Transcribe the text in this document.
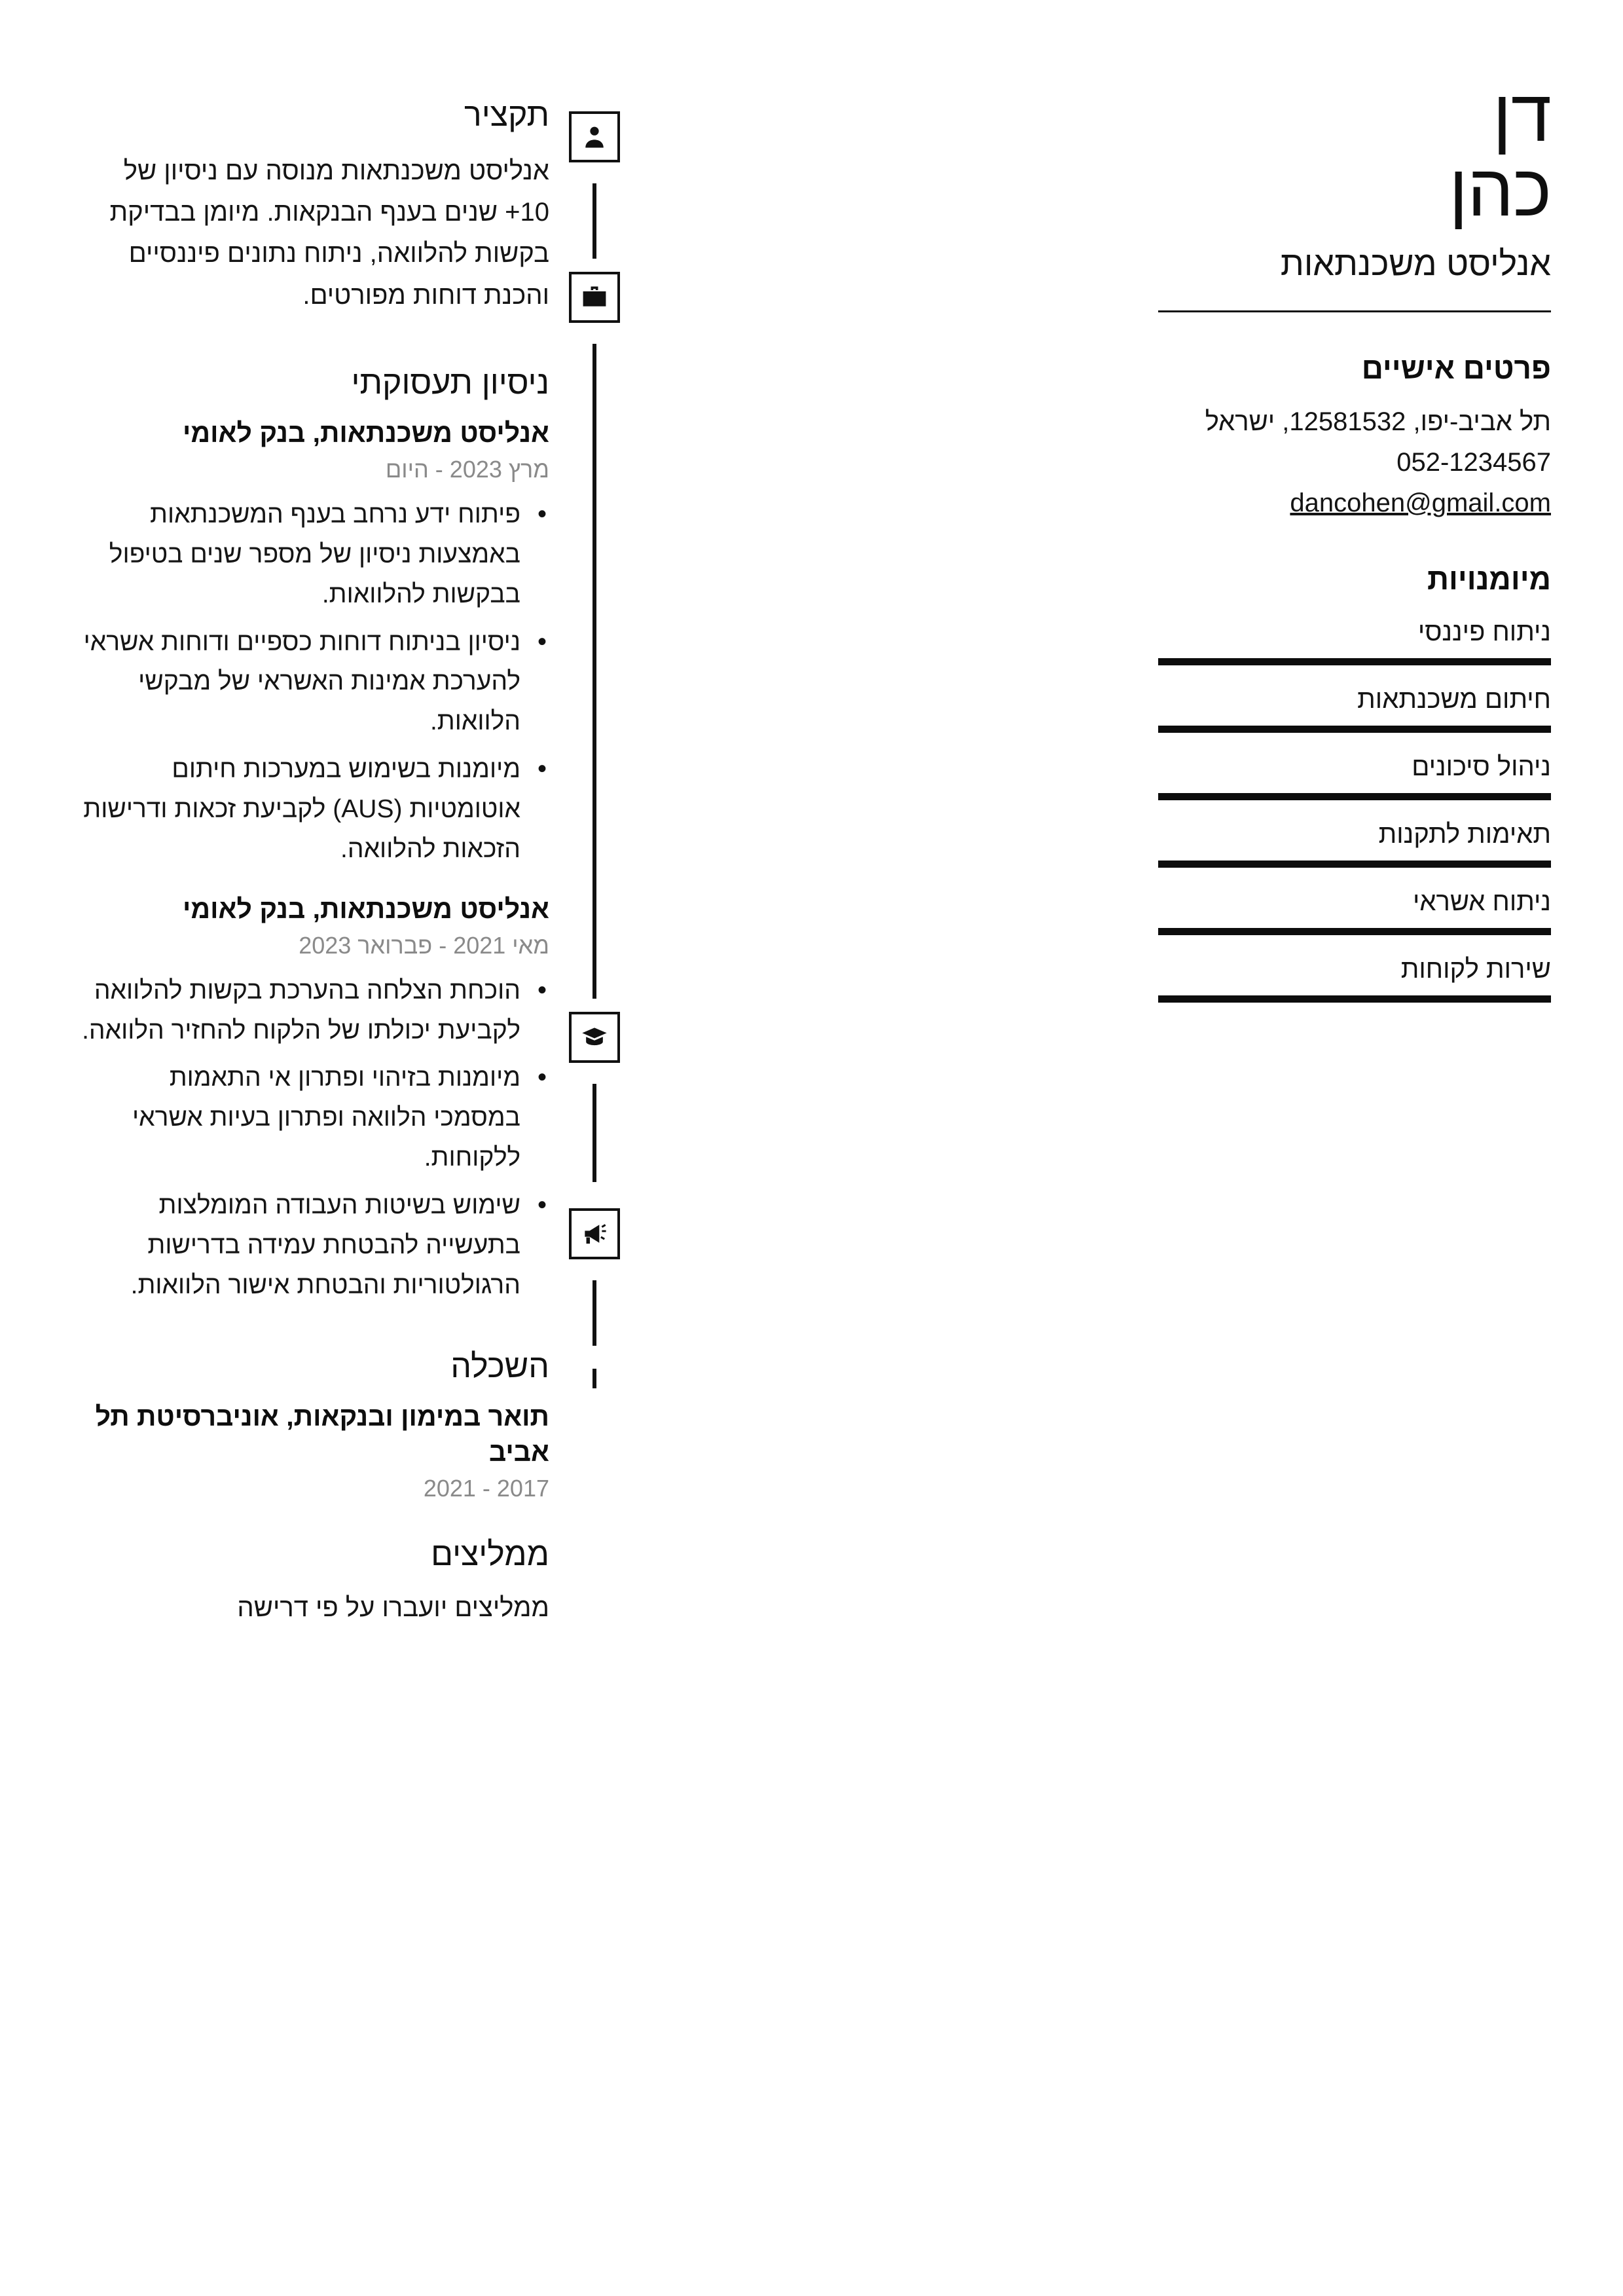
דן
כהן
אנליסט משכנתאות
פרטים אישיים
תל אביב-יפו, 12581532, ישראל
052-1234567
dancohen@gmail.com
מיומנויות
ניתוח פיננסי
חיתום משכנתאות
ניהול סיכונים
תאימות לתקנות
ניתוח אשראי
שירות לקוחות
תקציר
אנליסט משכנתאות מנוסה עם ניסיון של 10+ שנים בענף הבנקאות. מיומן בבדיקת בקשות להלוואה, ניתוח נתונים פיננסיים והכנת דוחות מפורטים.
ניסיון תעסוקתי
אנליסט משכנתאות, בנק לאומי
מרץ 2023 - היום
• פיתוח ידע נרחב בענף המשכנתאות באמצעות ניסיון של מספר שנים בטיפול בבקשות להלוואות.
• ניסיון בניתוח דוחות כספיים ודוחות אשראי להערכת אמינות האשראי של מבקשי הלוואות.
• מיומנות בשימוש במערכות חיתום אוטומטיות (AUS) לקביעת זכאות ודרישות הזכאות להלוואה.
אנליסט משכנתאות, בנק לאומי
מאי 2021 - פברואר 2023
• הוכחת הצלחה בהערכת בקשות להלוואה לקביעת יכולתו של הלקוח להחזיר הלוואה.
• מיומנות בזיהוי ופתרון אי התאמות במסמכי הלוואה ופתרון בעיות אשראי ללקוחות.
• שימוש בשיטות העבודה המומלצות בתעשייה להבטחת עמידה בדרישות הרגולטוריות והבטחת אישור הלוואות.
השכלה
תואר במימון ובנקאות, אוניברסיטת תל אביב
2017 - 2021
ממליצים
ממליצים יועברו על פי דרישה
